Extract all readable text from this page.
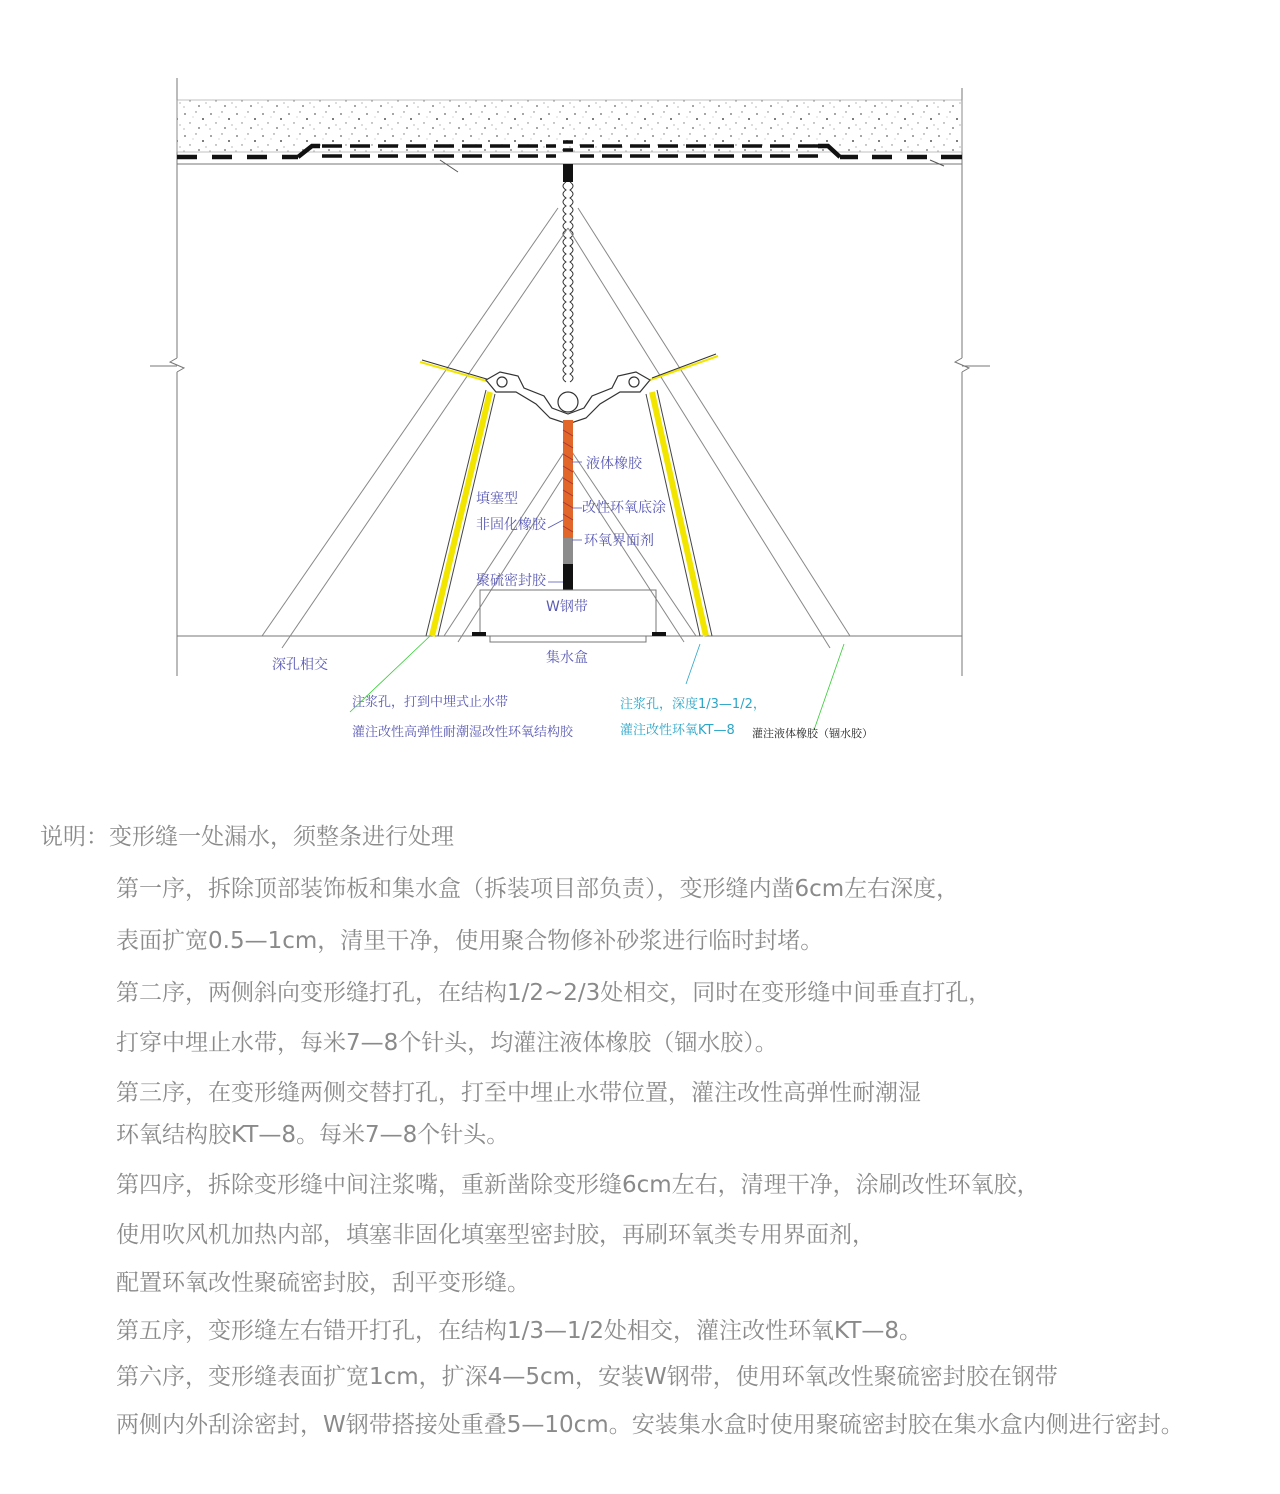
液体橡胶
填塞型
非固化橡胶
改性环氧底涂
环氧界面剂
聚硫密封胶
W钢带
集水盒
深孔相交
注浆孔，打到中埋式止水带
灌注改性高弹性耐潮湿改性环氧结构胶
注浆孔，深度1/3—1/2，
灌注改性环氧KT—8 灌注液体橡胶（锢水胶）
说明：变形缝一处漏水，须整条进行处理
第一序，拆除顶部装饰板和集水盒（拆装项目部负责），变形缝内凿6cm左右深度，
表面扩宽0.5—1cm，清里干净，使用聚合物修补砂浆进行临时封堵。
第二序，两侧斜向变形缝打孔，在结构1/2~2/3处相交，同时在变形缝中间垂直打孔，
打穿中埋止水带，每米7—8个针头，均灌注液体橡胶（锢水胶）。
第三序，在变形缝两侧交替打孔，打至中埋止水带位置，灌注改性高弹性耐潮湿
环氧结构胶KT—8。每米7—8个针头。
第四序，拆除变形缝中间注浆嘴，重新凿除变形缝6cm左右，清理干净，涂刷改性环氧胶，
使用吹风机加热内部，填塞非固化填塞型密封胶，再刷环氧类专用界面剂，
配置环氧改性聚硫密封胶，刮平变形缝。
第五序，变形缝左右错开打孔，在结构1/3—1/2处相交，灌注改性环氧KT—8。
第六序，变形缝表面扩宽1cm，扩深4—5cm，安装W钢带，使用环氧改性聚硫密封胶在钢带
两侧内外刮涂密封，W钢带搭接处重叠5—10cm。安装集水盒时使用聚硫密封胶在集水盒内侧进行密封。
